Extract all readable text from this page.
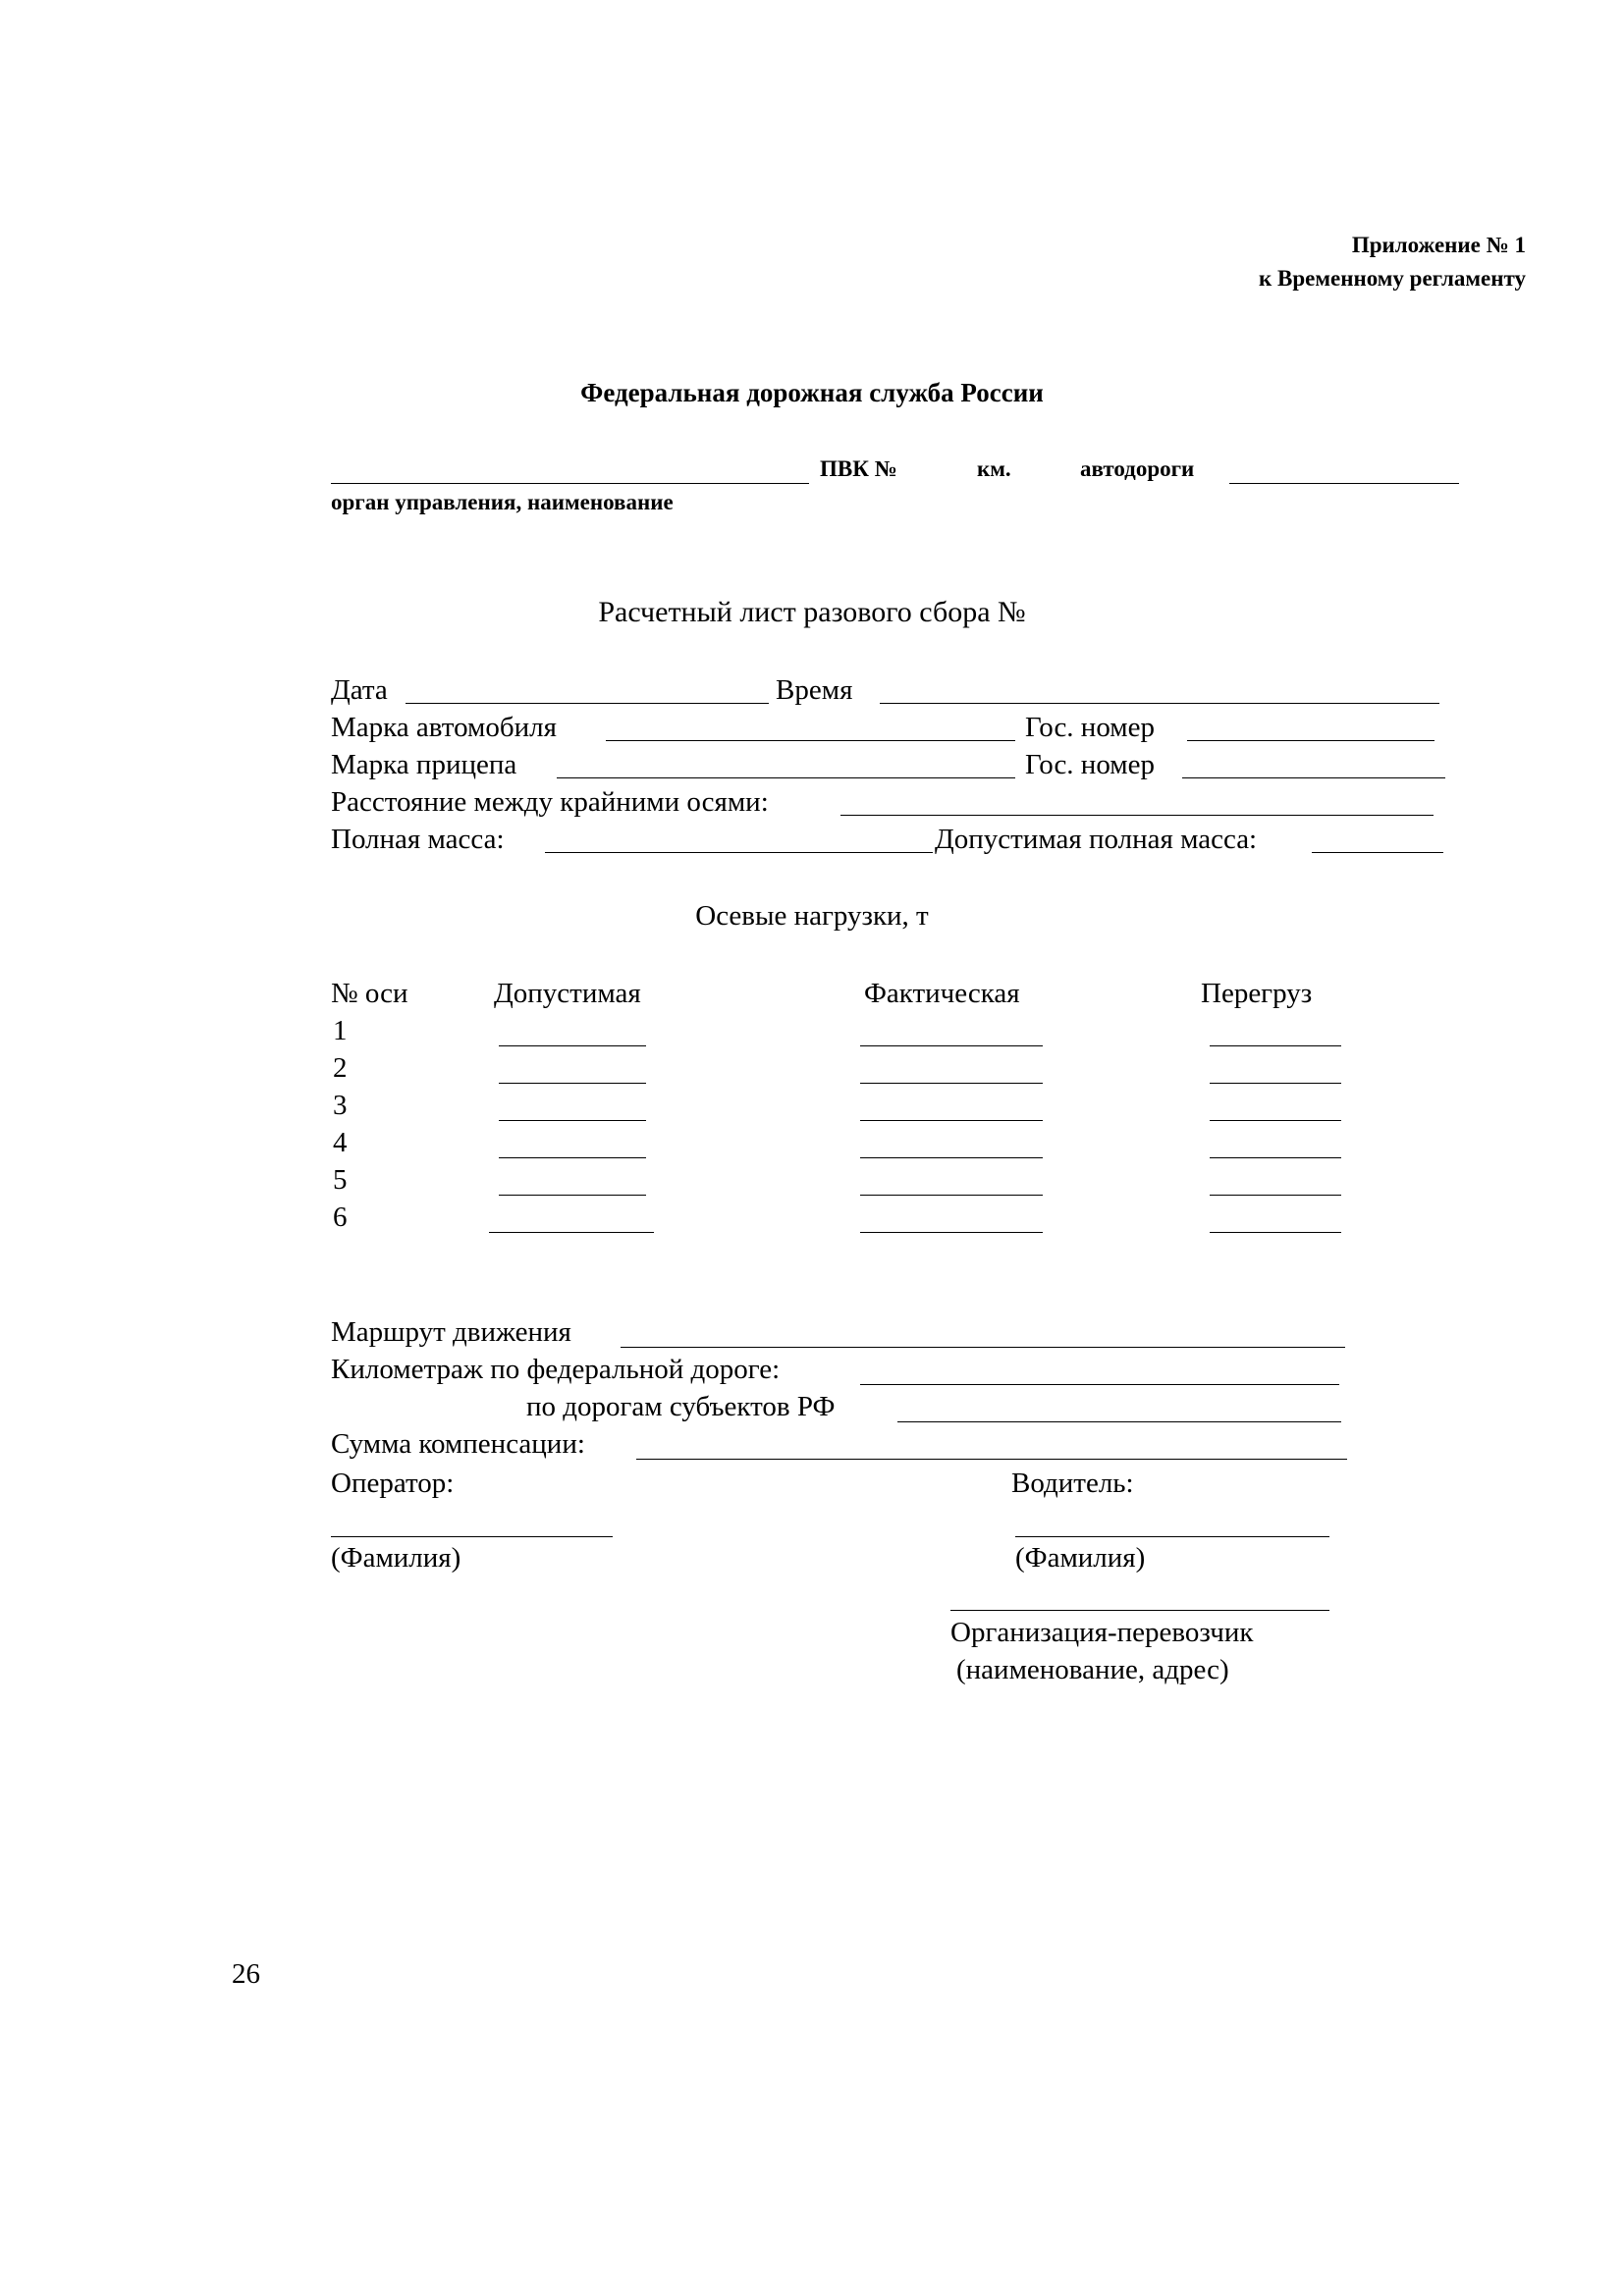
Приложение № 1
к Временному регламенту
Федеральная дорожная служба России
ПВК №	км.	автодороги
орган управления, наименование
Расчетный лист разового сбора №
Дата	Время
Марка автомобиля	Гос. номер
Марка прицепа	Гос. номер
Расстояние между крайними осями:
Полная масса:	Допустимая полная масса:
Осевые нагрузки, т
№ оси	Допустимая	Фактическая	Перегруз
1
2
3
4
5
6
Маршрут движения
Километраж по федеральной дороге:
по дорогам субъектов РФ
Сумма компенсации:
Оператор:	Водитель:
(Фамилия)	(Фамилия)
Организация-перевозчик
(наименование, адрес)
26
